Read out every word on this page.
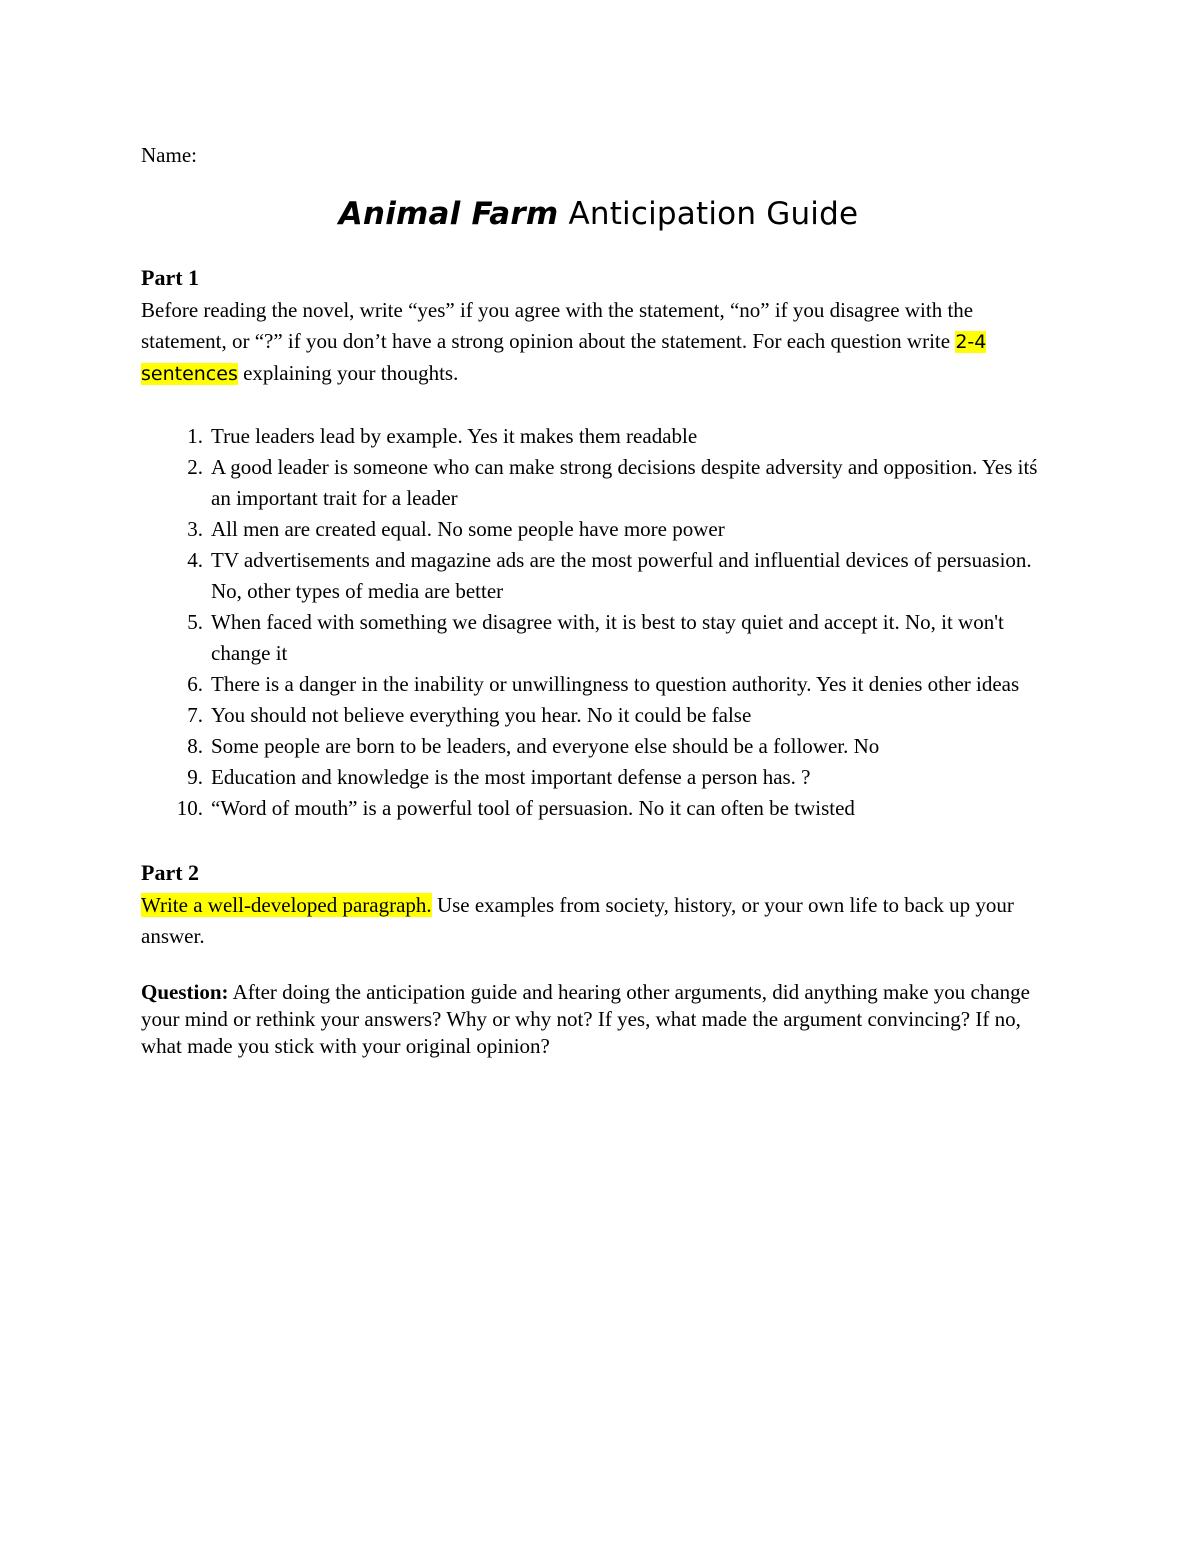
Name:

Animal Farm Anticipation Guide
Part 1

Before reading the novel, write “yes” if you agree with the statement, “no” if you disagree with the statement, or “?” if you don’t have a strong opinion about the statement. For each question write 2-4 sentences explaining your thoughts.

1. True leaders lead by example. Yes it makes them readable
2. A good leader is someone who can make strong decisions despite adversity and opposition. Yes itś an important trait for a leader
3. All men are created equal. No some people have more power
4. TV advertisements and magazine ads are the most powerful and influential devices of persuasion. No, other types of media are better
5. When faced with something we disagree with, it is best to stay quiet and accept it. No, it won't change it
6. There is a danger in the inability or unwillingness to question authority. Yes it denies other ideas
7. You should not believe everything you hear. No it could be false
8. Some people are born to be leaders, and everyone else should be a follower. No
9. Education and knowledge is the most important defense a person has. ?
10. “Word of mouth” is a powerful tool of persuasion. No it can often be twisted
Part 2

Write a well-developed paragraph. Use examples from society, history, or your own life to back up your answer.

Question: After doing the anticipation guide and hearing other arguments, did anything make you change your mind or rethink your answers? Why or why not? If yes, what made the argument convincing? If no, what made you stick with your original opinion?
